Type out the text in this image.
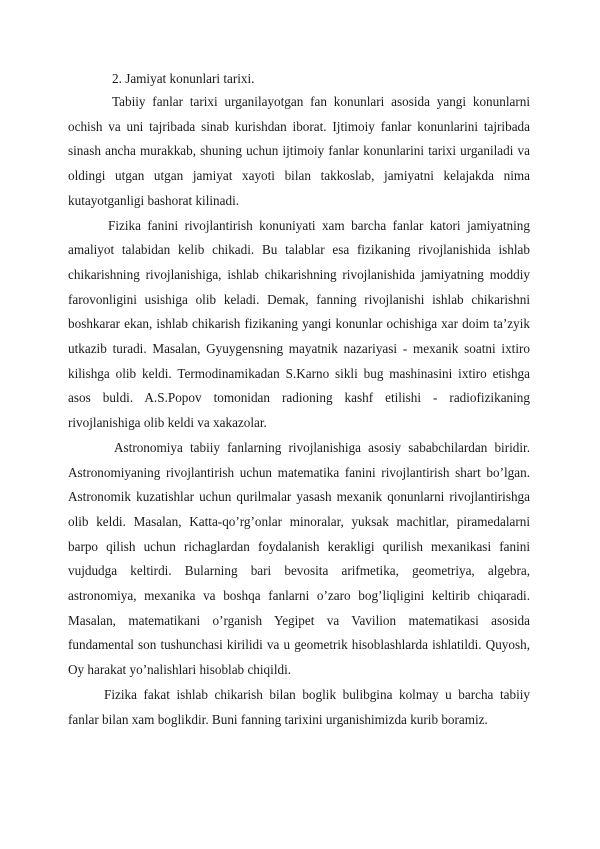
2. Jamiyat konunlari tarixi.

Tabiiy fanlar tarixi urganilayotgan fan konunlari asosida yangi konunlarni ochish va uni tajribada sinab kurishdan iborat. Ijtimoiy fanlar konunlarini tajribada sinash ancha murakkab, shuning uchun ijtimoiy fanlar konunlarini tarixi urganiladi va oldingi utgan utgan jamiyat xayoti bilan takkoslab, jamiyatni kelajakda nima kutayotganligi bashorat kilinadi.

Fizika fanini rivojlantirish konuniyati xam barcha fanlar katori jamiyatning amaliyot talabidan kelib chikadi. Bu talablar esa fizikaning rivojlanishida ishlab chikarishning rivojlanishiga, ishlab chikarishning rivojlanishida jamiyatning moddiy farovonligini usishiga olib keladi. Demak, fanning rivojlanishi ishlab chikarishni boshkarar ekan, ishlab chikarish fizikaning yangi konunlar ochishiga xar doim ta’zyik utkazib turadi. Masalan, Gyuygensning mayatnik nazariyasi - mexanik soatni ixtiro kilishga olib keldi. Termodinamikadan S.Karno sikli bug mashinasini ixtiro etishga asos buldi. A.S.Popov tomonidan radioning kashf etilishi - radiofizikaning rivojlanishiga olib keldi va xakazolar.

Astronomiya tabiiy fanlarning rivojlanishiga asosiy sababchilardan biridir. Astronomiyaning rivojlantirish uchun matematika fanini rivojlantirish shart bo’lgan. Astronomik kuzatishlar uchun qurilmalar yasash mexanik qonunlarni rivojlantirishga olib keldi. Masalan, Katta-qo’rg’onlar minoralar, yuksak machitlar, piramedalarni barpo qilish uchun richaglardan foydalanish kerakligi qurilish mexanikasi fanini vujdudga keltirdi. Bularning bari bevosita arifmetika, geometriya, algebra, astronomiya, mexanika va boshqa fanlarni o’zaro bog’liqligini keltirib chiqaradi. Masalan, matematikani o’rganish Yegipet va Vavilion matematikasi asosida fundamental son tushunchasi kirilidi va u geometrik hisoblashlarda ishlatildi. Quyosh, Oy harakat yo’nalishlari hisoblab chiqildi.

Fizika fakat ishlab chikarish bilan boglik bulibgina kolmay u barcha tabiiy fanlar bilan xam boglikdir. Buni fanning tarixini urganishimizda kurib boramiz.
